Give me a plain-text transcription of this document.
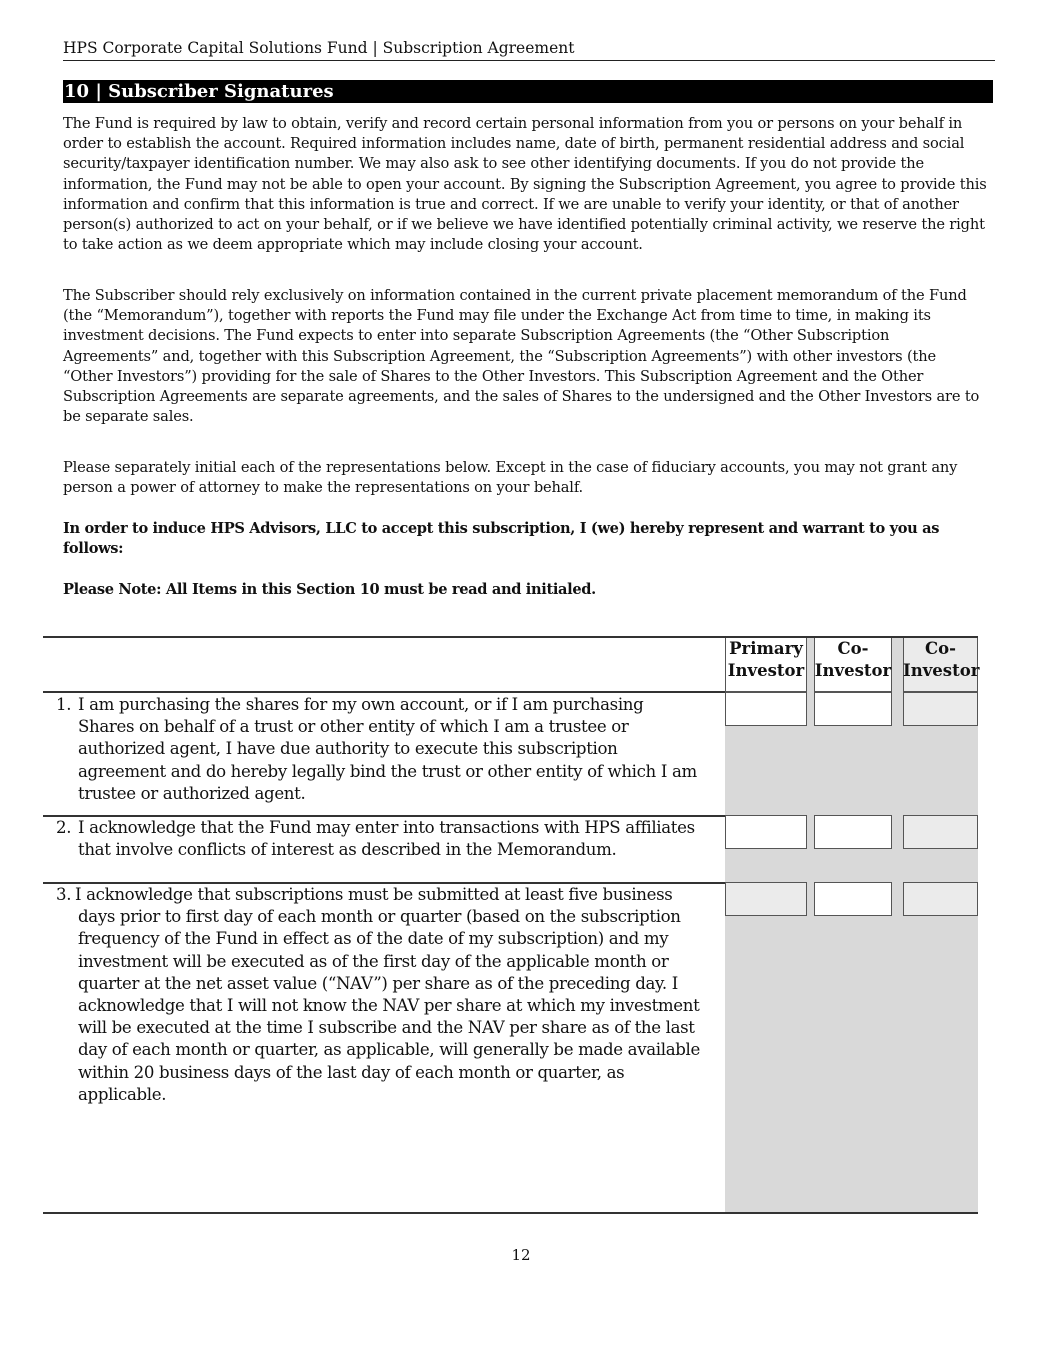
HPS Corporate Capital Solutions Fund | Subscription Agreement
10 | Subscriber Signatures

The Fund is required by law to obtain, verify and record certain personal information from you or persons on your behalf in order to establish the account. Required information includes name, date of birth, permanent residential address and social security/taxpayer identification number. We may also ask to see other identifying documents. If you do not provide the information, the Fund may not be able to open your account. By signing the Subscription Agreement, you agree to provide this information and confirm that this information is true and correct. If we are unable to verify your identity, or that of another person(s) authorized to act on your behalf, or if we believe we have identified potentially criminal activity, we reserve the right to take action as we deem appropriate which may include closing your account.

The Subscriber should rely exclusively on information contained in the current private placement memorandum of the Fund (the “Memorandum”), together with reports the Fund may file under the Exchange Act from time to time, in making its investment decisions. The Fund expects to enter into separate Subscription Agreements (the “Other Subscription Agreements” and, together with this Subscription Agreement, the “Subscription Agreements”) with other investors (the “Other Investors”) providing for the sale of Shares to the Other Investors. This Subscription Agreement and the Other Subscription Agreements are separate agreements, and the sales of Shares to the undersigned and the Other Investors are to be separate sales.

Please separately initial each of the representations below. Except in the case of fiduciary accounts, you may not grant any person a power of attorney to make the representations on your behalf.

In order to induce HPS Advisors, LLC to accept this subscription, I (we) hereby represent and warrant to you as follows:

Please Note: All Items in this Section 10 must be read and initialed.

Primary
Investor
Co-
Investor
Co-
Investor
1. I am purchasing the shares for my own account, or if I am purchasing Shares on behalf of a trust or other entity of which I am a trustee or authorized agent, I have due authority to execute this subscription agreement and do hereby legally bind the trust or other entity of which I am trustee or authorized agent.
2. I acknowledge that the Fund may enter into transactions with HPS affiliates that involve conflicts of interest as described in the Memorandum.
3. I acknowledge that subscriptions must be submitted at least five business days prior to first day of each month or quarter (based on the subscription frequency of the Fund in effect as of the date of my subscription) and my investment will be executed as of the first day of the applicable month or quarter at the net asset value (“NAV”) per share as of the preceding day. I acknowledge that I will not know the NAV per share at which my investment will be executed at the time I subscribe and the NAV per share as of the last day of each month or quarter, as applicable, will generally be made available within 20 business days of the last day of each month or quarter, as applicable.
12
